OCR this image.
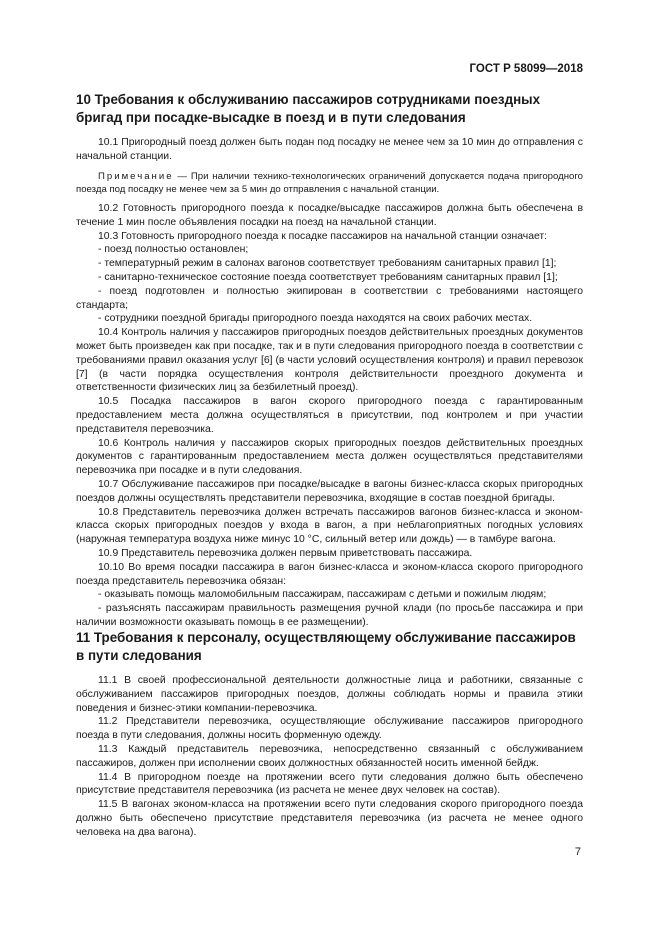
ГОСТ Р 58099—2018
10 Требования к обслуживанию пассажиров сотрудниками поездных бригад при посадке-высадке в поезд и в пути следования

10.1 Пригородный поезд должен быть подан под посадку не менее чем за 10 мин до отправления с начальной станции.

Примечание — При наличии технико-технологических ограничений допускается подача пригородного поезда под посадку не менее чем за 5 мин до отправления с начальной станции.

10.2 Готовность пригородного поезда к посадке/высадке пассажиров должна быть обеспечена в течение 1 мин после объявления посадки на поезд на начальной станции.

10.3 Готовность пригородного поезда к посадке пассажиров на начальной станции означает:

- поезд полностью остановлен;

- температурный режим в салонах вагонов соответствует требованиям санитарных правил [1];

- санитарно-техническое состояние поезда соответствует требованиям санитарных правил [1];

- поезд подготовлен и полностью экипирован в соответствии с требованиями настоящего стандарта;

- сотрудники поездной бригады пригородного поезда находятся на своих рабочих местах.

10.4 Контроль наличия у пассажиров пригородных поездов действительных проездных документов может быть произведен как при посадке, так и в пути следования пригородного поезда в соответствии с требованиями правил оказания услуг [6] (в части условий осуществления контроля) и правил перевозок [7] (в части порядка осуществления контроля действительности проездного документа и ответственности физических лиц за безбилетный проезд).

10.5 Посадка пассажиров в вагон скорого пригородного поезда с гарантированным предоставлением места должна осуществляться в присутствии, под контролем и при участии представителя перевозчика.

10.6 Контроль наличия у пассажиров скорых пригородных поездов действительных проездных документов с гарантированным предоставлением места должен осуществляться представителями перевозчика при посадке и в пути следования.

10.7 Обслуживание пассажиров при посадке/высадке в вагоны бизнес-класса скорых пригородных поездов должны осуществлять представители перевозчика, входящие в состав поездной бригады.

10.8 Представитель перевозчика должен встречать пассажиров вагонов бизнес-класса и эконом-класса скорых пригородных поездов у входа в вагон, а при неблагоприятных погодных условиях (наружная температура воздуха ниже минус 10 °С, сильный ветер или дождь) — в тамбуре вагона.

10.9 Представитель перевозчика должен первым приветствовать пассажира.

10.10 Во время посадки пассажира в вагон бизнес-класса и эконом-класса скорого пригородного поезда представитель перевозчика обязан:

- оказывать помощь маломобильным пассажирам, пассажирам с детьми и пожилым людям;

- разъяснять пассажирам правильность размещения ручной клади (по просьбе пассажира и при наличии возможности оказывать помощь в ее размещении).

11 Требования к персоналу, осуществляющему обслуживание пассажиров в пути следования

11.1 В своей профессиональной деятельности должностные лица и работники, связанные с обслуживанием пассажиров пригородных поездов, должны соблюдать нормы и правила этики поведения и бизнес-этики компании-перевозчика.

11.2 Представители перевозчика, осуществляющие обслуживание пассажиров пригородного поезда в пути следования, должны носить форменную одежду.

11.3 Каждый представитель перевозчика, непосредственно связанный с обслуживанием пассажиров, должен при исполнении своих должностных обязанностей носить именной бейдж.

11.4 В пригородном поезде на протяжении всего пути следования должно быть обеспечено присутствие представителя перевозчика (из расчета не менее двух человек на состав).

11.5 В вагонах эконом-класса на протяжении всего пути следования скорого пригородного поезда должно быть обеспечено присутствие представителя перевозчика (из расчета не менее одного человека на два вагона).

7
